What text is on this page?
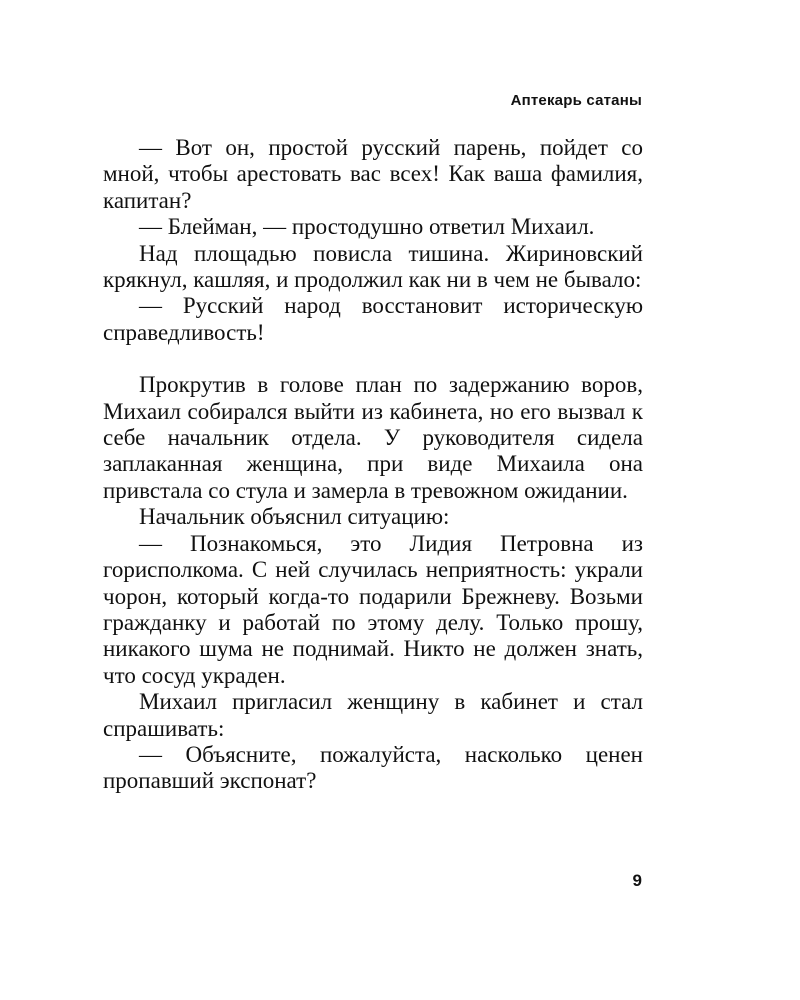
Аптекарь сатаны

— Вот он, простой русский парень, пойдет со мной, чтобы арестовать вас всех! Как ваша фамилия, капитан?

— Блейман, — простодушно ответил Михаил.

Над площадью повисла тишина. Жириновский крякнул, кашляя, и продолжил как ни в чем не бывало:

— Русский народ восстановит историческую справедливость!

Прокрутив в голове план по задержанию воров, Михаил собирался выйти из кабинета, но его вызвал к себе начальник отдела. У руководителя сидела заплаканная женщина, при виде Михаила она привстала со стула и замерла в тревожном ожидании.

Начальник объяснил ситуацию:

— Познакомься, это Лидия Петровна из горисполкома. С ней случилась неприятность: украли чорон, который когда-то подарили Брежневу. Возьми гражданку и работай по этому делу. Только прошу, никакого шума не поднимай. Никто не должен знать, что сосуд украден.

Михаил пригласил женщину в кабинет и стал спрашивать:

— Объясните, пожалуйста, насколько ценен пропавший экспонат?

9
